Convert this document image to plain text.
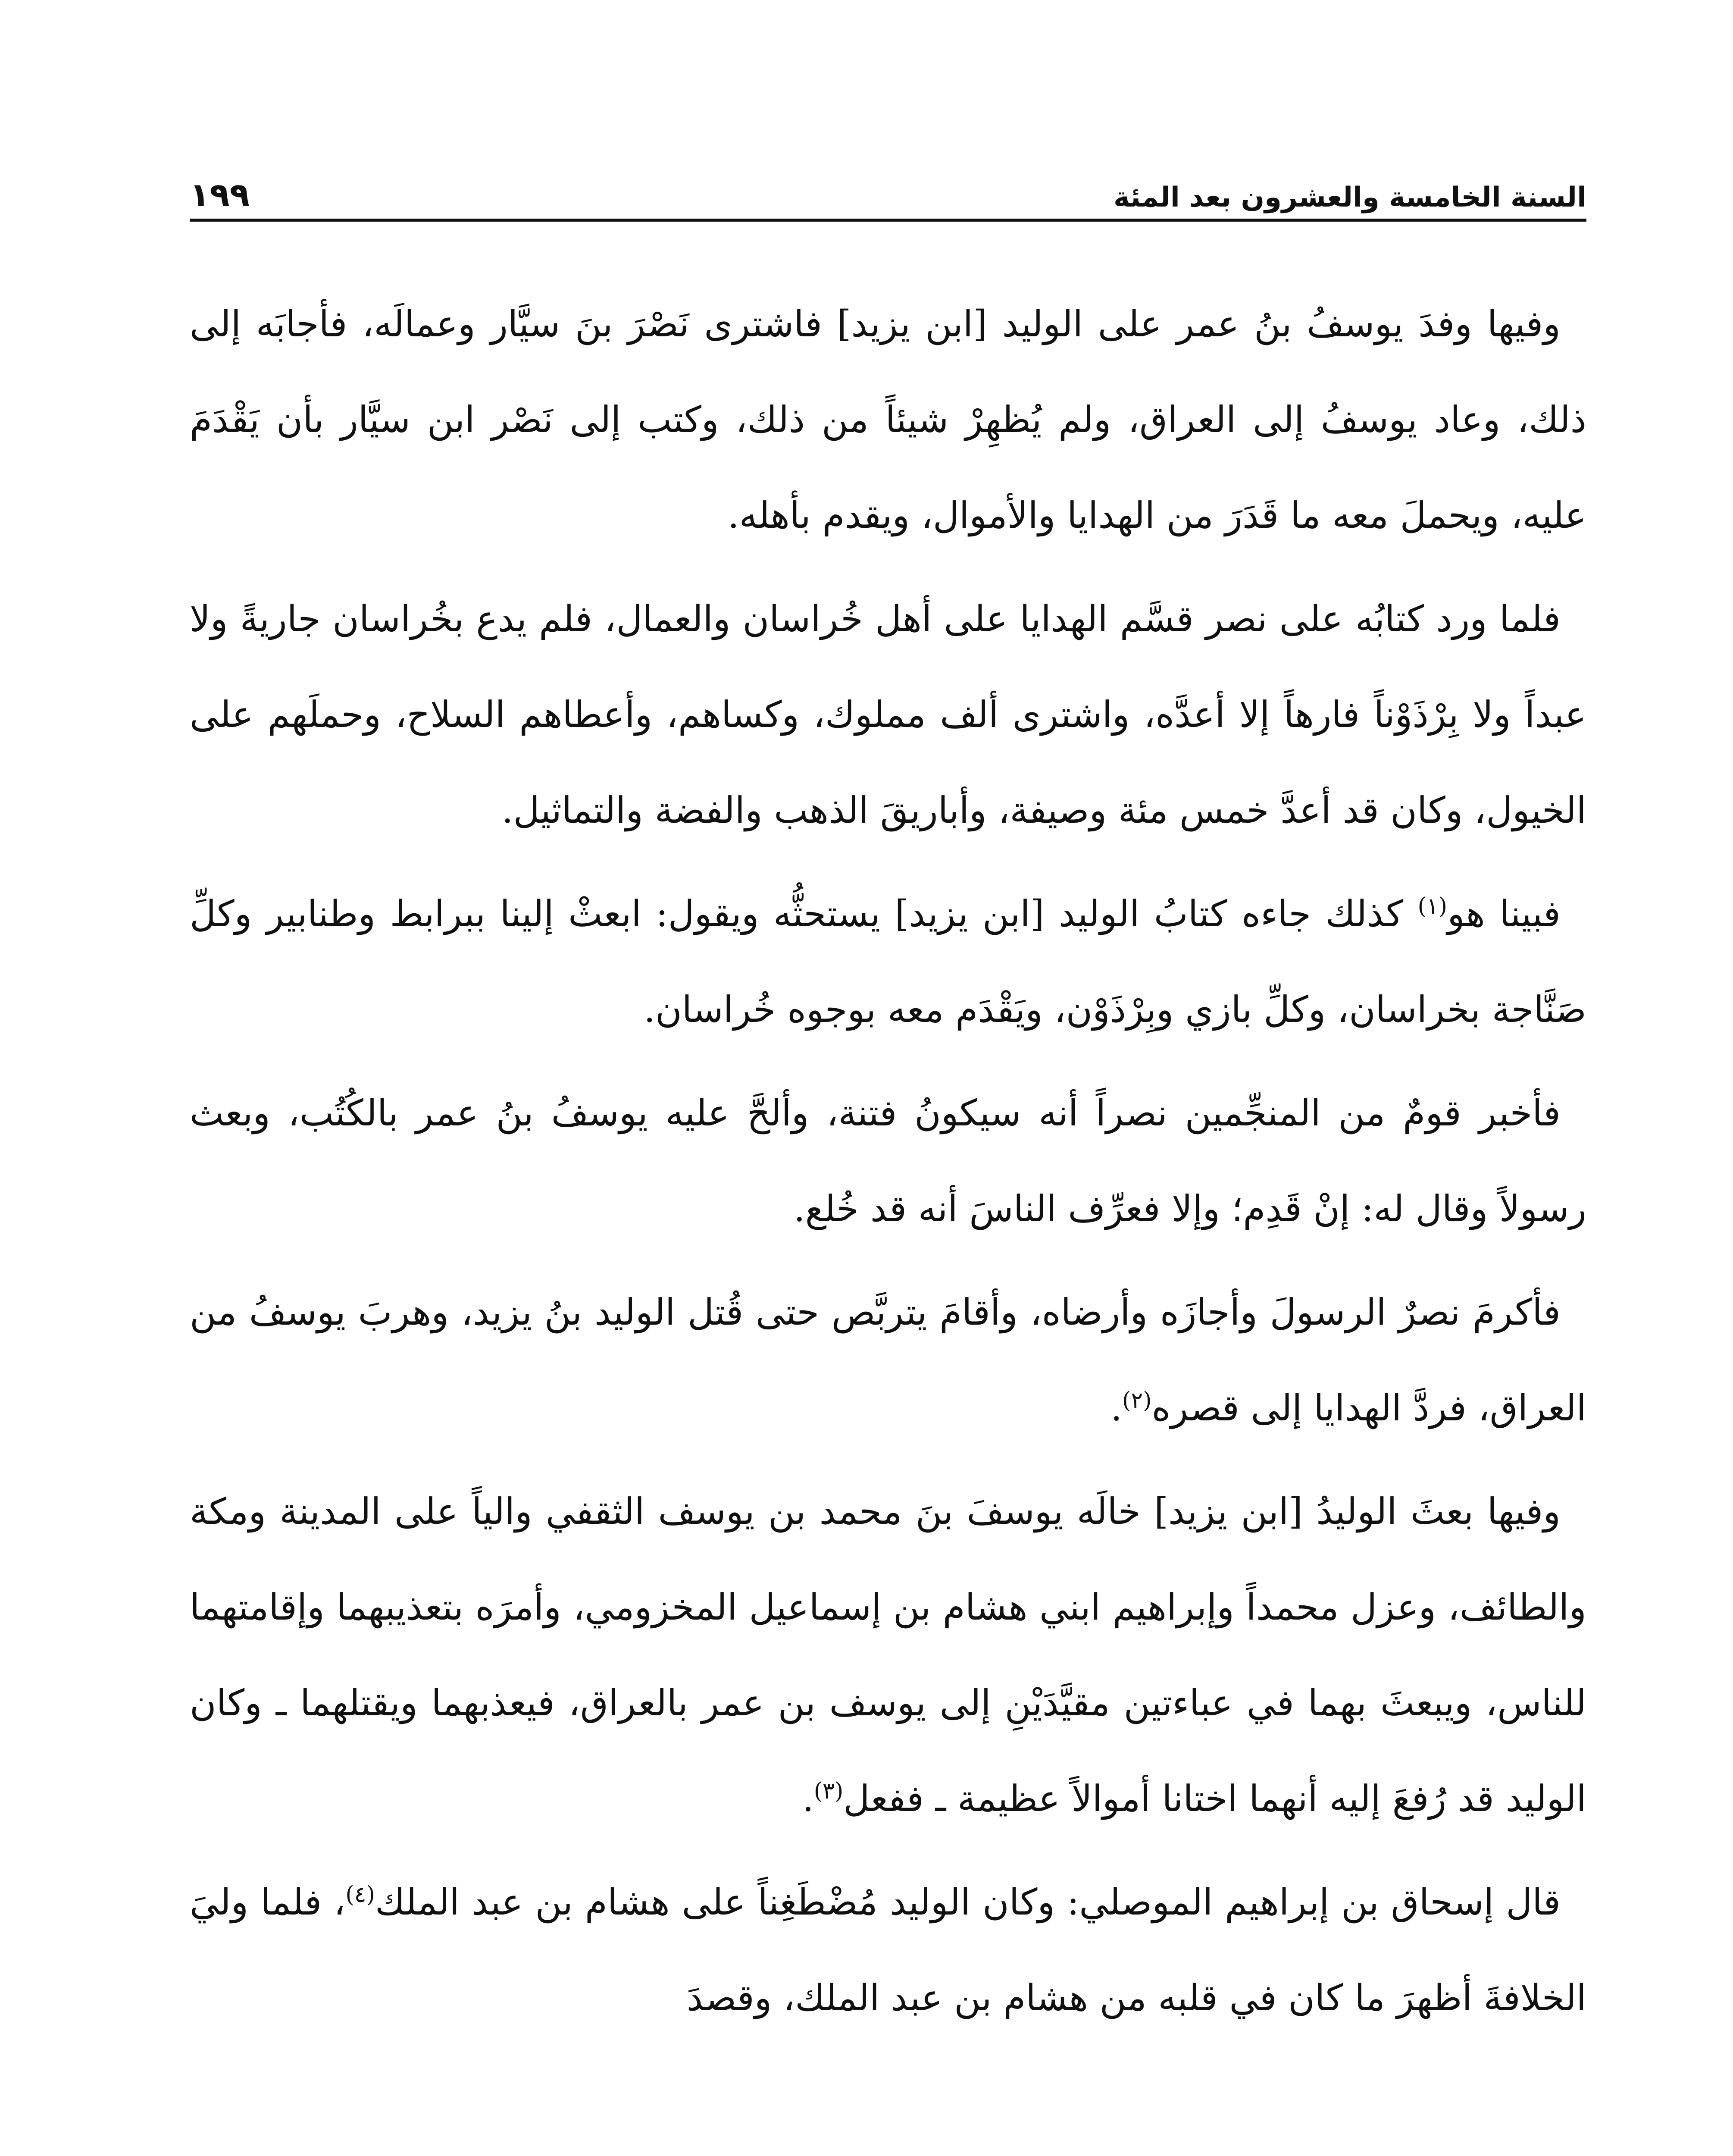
السنة الخامسة والعشرون بعد المئة
١٩٩

وفيها وفدَ يوسفُ بنُ عمر على الوليد [ابن يزيد] فاشترى نَصْرَ بنَ سيَّار وعمالَه، فأجابَه إلى ذلك، وعاد يوسفُ إلى العراق، ولم يُظهِرْ شيئاً من ذلك، وكتب إلى نَصْر ابن سيَّار بأن يَقْدَمَ عليه، ويحملَ معه ما قَدَرَ من الهدايا والأموال، ويقدم بأهله.

فلما ورد كتابُه على نصر قسَّم الهدايا على أهل خُراسان والعمال، فلم يدع بخُراسان جاريةً ولا عبداً ولا بِرْذَوْناً فارهاً إلا أعدَّه، واشترى ألف مملوك، وكساهم، وأعطاهم السلاح، وحملَهم على الخيول، وكان قد أعدَّ خمس مئة وصيفة، وأباريقَ الذهب والفضة والتماثيل.

فبينا هو$^{(١)}$ كذلك جاءه كتابُ الوليد [ابن يزيد] يستحثُّه ويقول: ابعثْ إلينا ببرابط وطنابير وكلِّ صَنَّاجة بخراسان، وكلِّ بازي وبِرْذَوْن، ويَقْدَم معه بوجوه خُراسان.

فأخبر قومٌ من المنجِّمين نصراً أنه سيكونُ فتنة، وألحَّ عليه يوسفُ بنُ عمر بالكُتُب، وبعث رسولاً وقال له: إنْ قَدِم؛ وإلا فعرِّف الناسَ أنه قد خُلع.

فأكرمَ نصرٌ الرسولَ وأجازَه وأرضاه، وأقامَ يتربَّص حتى قُتل الوليد بنُ يزيد، وهربَ يوسفُ من العراق، فردَّ الهدايا إلى قصره$^{(٢)}$.

وفيها بعثَ الوليدُ [ابن يزيد] خالَه يوسفَ بنَ محمد بن يوسف الثقفي والياً على المدينة ومكة والطائف، وعزل محمداً وإبراهيم ابني هشام بن إسماعيل المخزومي، وأمرَه بتعذيبهما وإقامتهما للناس، ويبعثَ بهما في عباءتين مقيَّدَيْنِ إلى يوسف بن عمر بالعراق، فيعذبهما ويقتلهما ـ وكان الوليد قد رُفعَ إليه أنهما اختانا أموالاً عظيمة ـ ففعل$^{(٣)}$.

قال إسحاق بن إبراهيم الموصلي: وكان الوليد مُضْطَغِناً على هشام بن عبد الملك$^{(٤)}$، فلما وليَ الخلافةَ أظهرَ ما كان في قلبه من هشام بن عبد الملك، وقصدَ
